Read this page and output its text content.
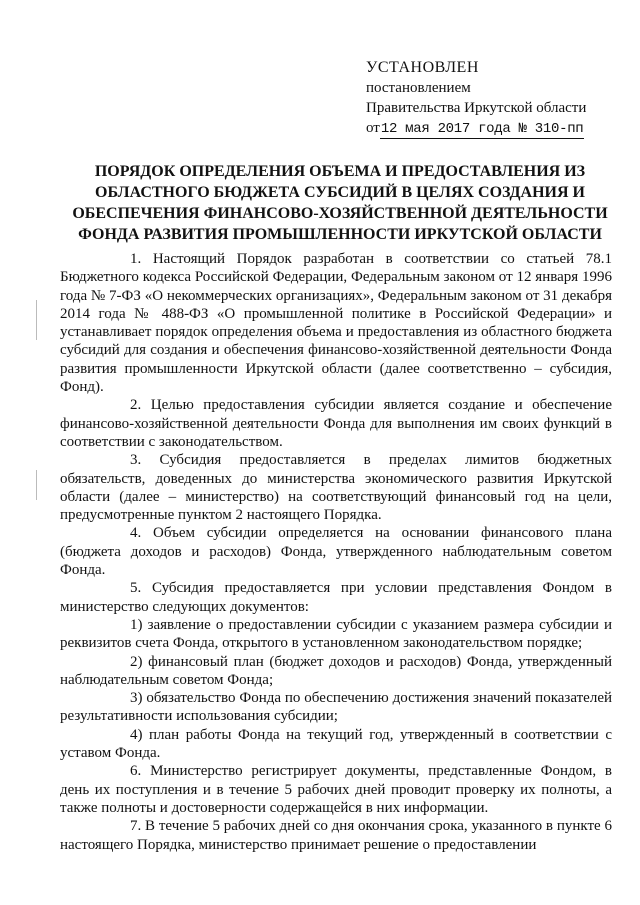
УСТАНОВЛЕН
постановлением
Правительства Иркутской области
от 12 мая 2017 года № 310-пп
ПОРЯДОК ОПРЕДЕЛЕНИЯ ОБЪЕМА И ПРЕДОСТАВЛЕНИЯ ИЗ ОБЛАСТНОГО БЮДЖЕТА СУБСИДИЙ В ЦЕЛЯХ СОЗДАНИЯ И ОБЕСПЕЧЕНИЯ ФИНАНСОВО-ХОЗЯЙСТВЕННОЙ ДЕЯТЕЛЬНОСТИ ФОНДА РАЗВИТИЯ ПРОМЫШЛЕННОСТИ ИРКУТСКОЙ ОБЛАСТИ

1. Настоящий Порядок разработан в соответствии со статьей 78.1 Бюджетного кодекса Российской Федерации, Федеральным законом от 12 января 1996 года № 7-ФЗ «О некоммерческих организациях», Федеральным законом от 31 декабря 2014 года № 488-ФЗ «О промышленной политике в Российской Федерации» и устанавливает порядок определения объема и предоставления из областного бюджета субсидий для создания и обеспечения финансово-хозяйственной деятельности Фонда развития промышленности Иркутской области (далее соответственно – субсидия, Фонд).

2. Целью предоставления субсидии является создание и обеспечение финансово-хозяйственной деятельности Фонда для выполнения им своих функций в соответствии с законодательством.

3. Субсидия предоставляется в пределах лимитов бюджетных обязательств, доведенных до министерства экономического развития Иркутской области (далее – министерство) на соответствующий финансовый год на цели, предусмотренные пунктом 2 настоящего Порядка.

4. Объем субсидии определяется на основании финансового плана (бюджета доходов и расходов) Фонда, утвержденного наблюдательным советом Фонда.

5. Субсидия предоставляется при условии представления Фондом в министерство следующих документов:

1) заявление о предоставлении субсидии с указанием размера субсидии и реквизитов счета Фонда, открытого в установленном законодательством порядке;

2) финансовый план (бюджет доходов и расходов) Фонда, утвержденный наблюдательным советом Фонда;

3) обязательство Фонда по обеспечению достижения значений показателей результативности использования субсидии;

4) план работы Фонда на текущий год, утвержденный в соответствии с уставом Фонда.

6. Министерство регистрирует документы, представленные Фондом, в день их поступления и в течение 5 рабочих дней проводит проверку их полноты, а также полноты и достоверности содержащейся в них информации.

7. В течение 5 рабочих дней со дня окончания срока, указанного в пункте 6 настоящего Порядка, министерство принимает решение о предоставлении
